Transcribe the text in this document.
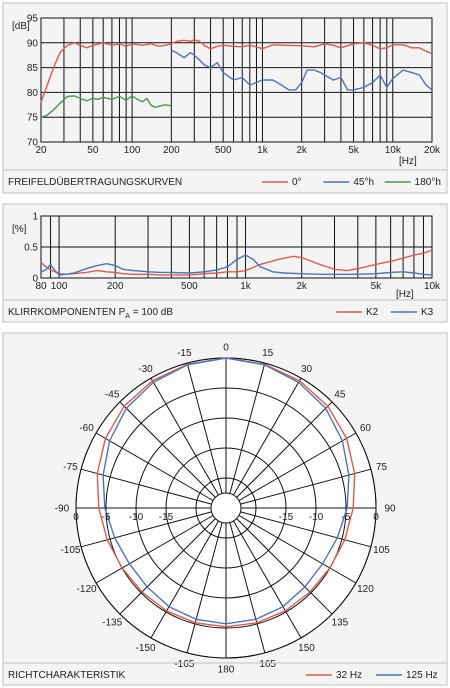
20	50	100 200	500	1k	2k	5k	10k 20k
70
75
80
85
90
95
[dB]
[Hz]
FREIFELDÜBERTRAGUNGSKURVEN	0°	45°h	180°h
80 100	200	500	1k	2k	5k	10k
0
0.5
1
[%]
[Hz]
KLIRRKOMPONENTEN $P_A = 100$ dB	K2	K3
0	15
30
45
60
75
90
105
120
135
150
165
180
-165
-150
-135
-120
-105
-90
-75
-60
-45
-30
-15
0
0	-5
-5	-10
-10	-15
-15
RICHTCHARAKTERISTIK	32 Hz	125 Hz
